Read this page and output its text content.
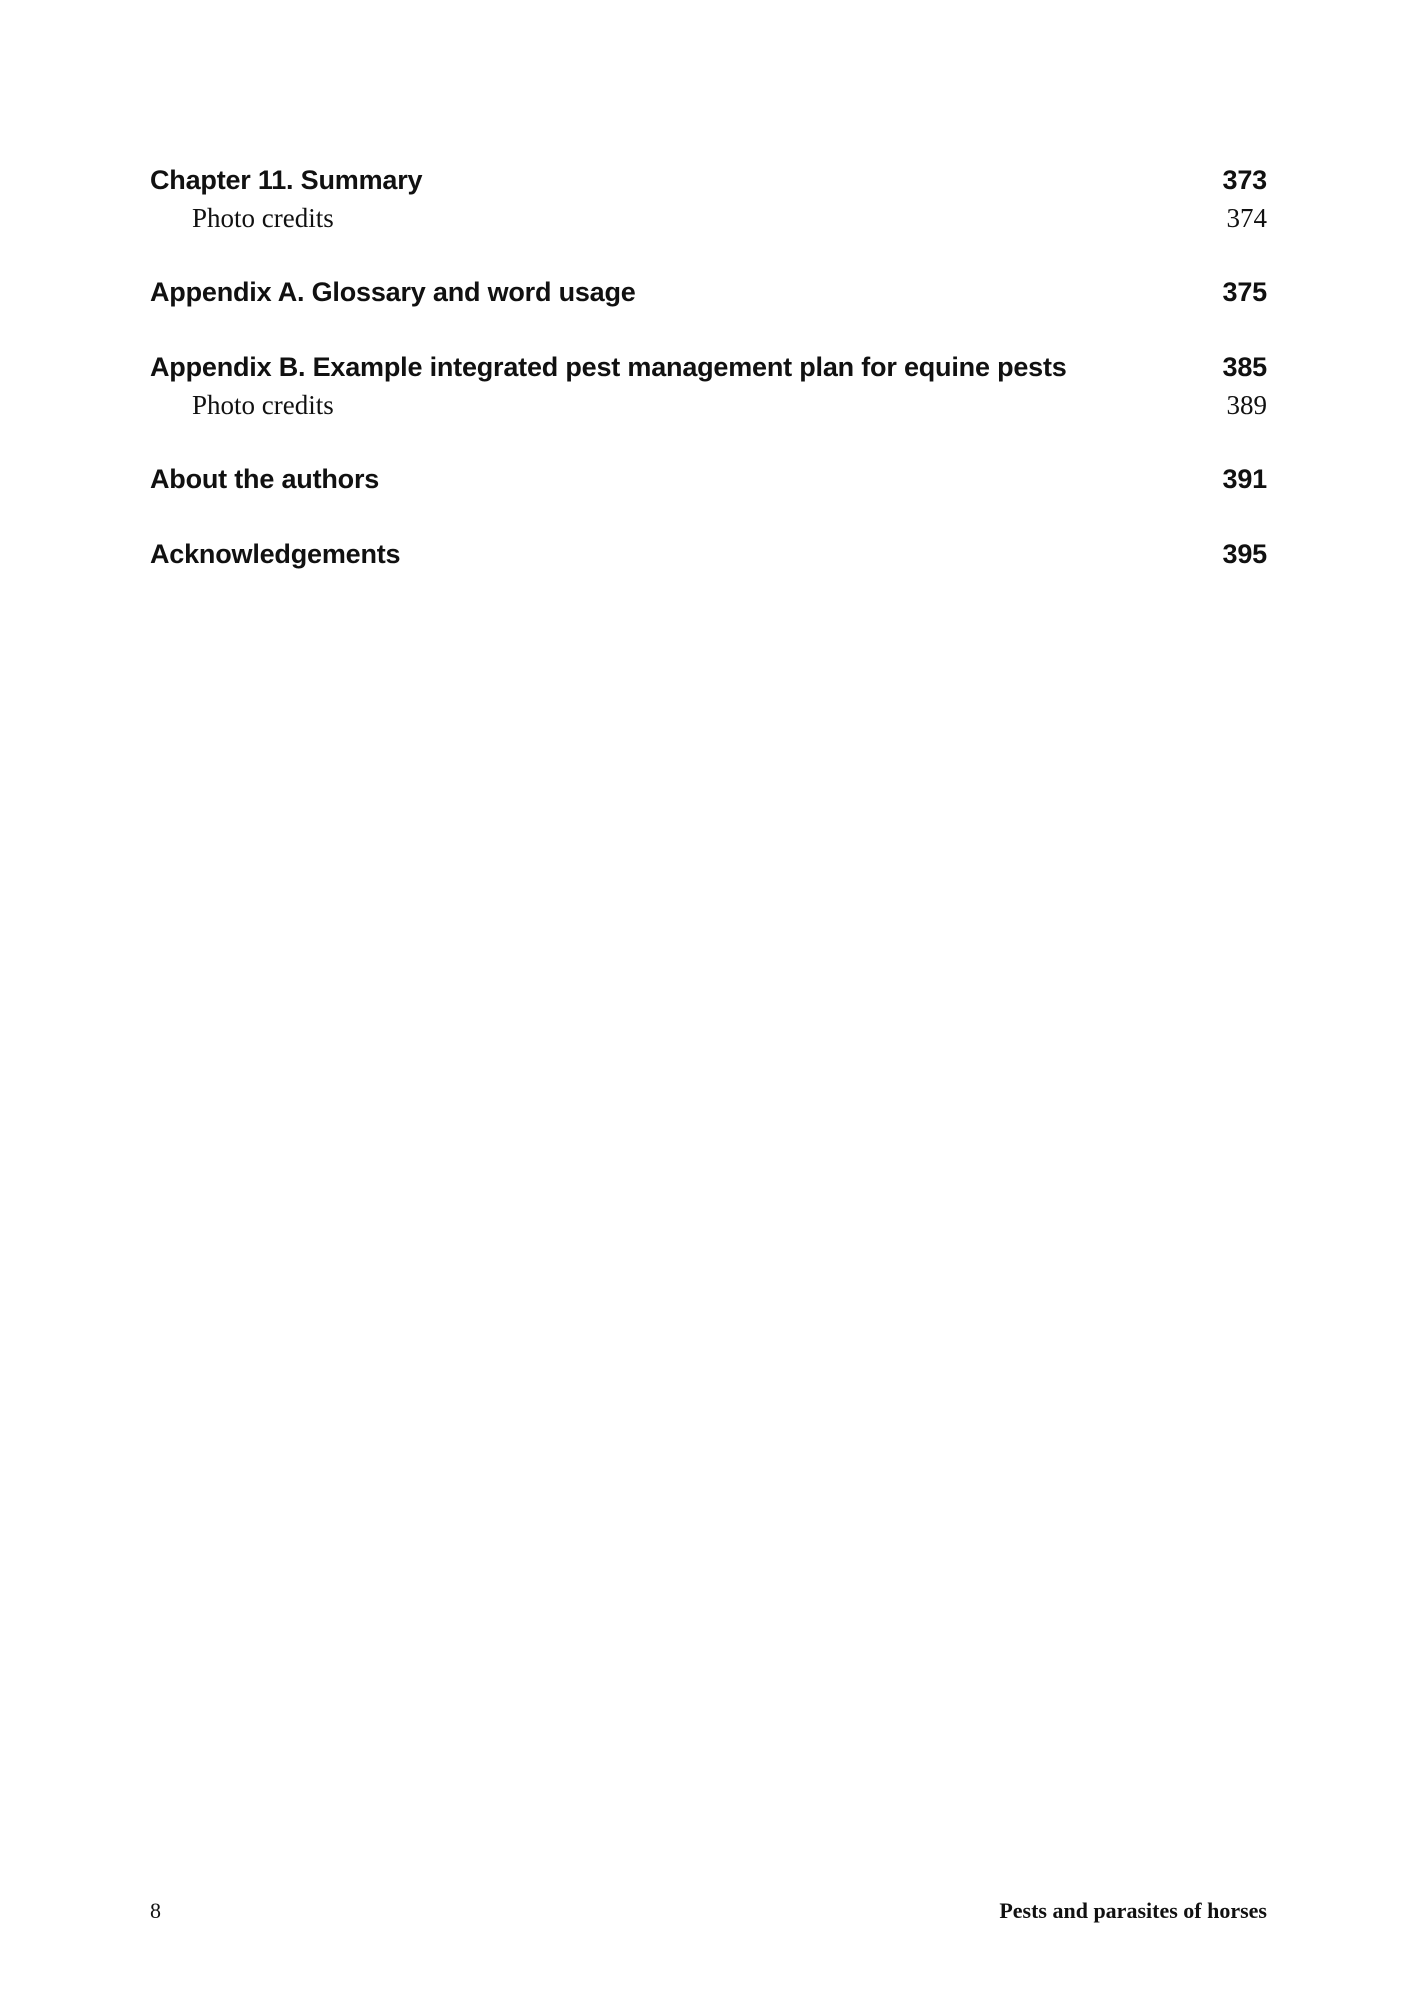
Chapter 11. Summary	373
Photo credits	374
Appendix A. Glossary and word usage	375
Appendix B. Example integrated pest management plan for equine pests	385
Photo credits	389
About the authors	391
Acknowledgements	395
8	Pests and parasites of horses
